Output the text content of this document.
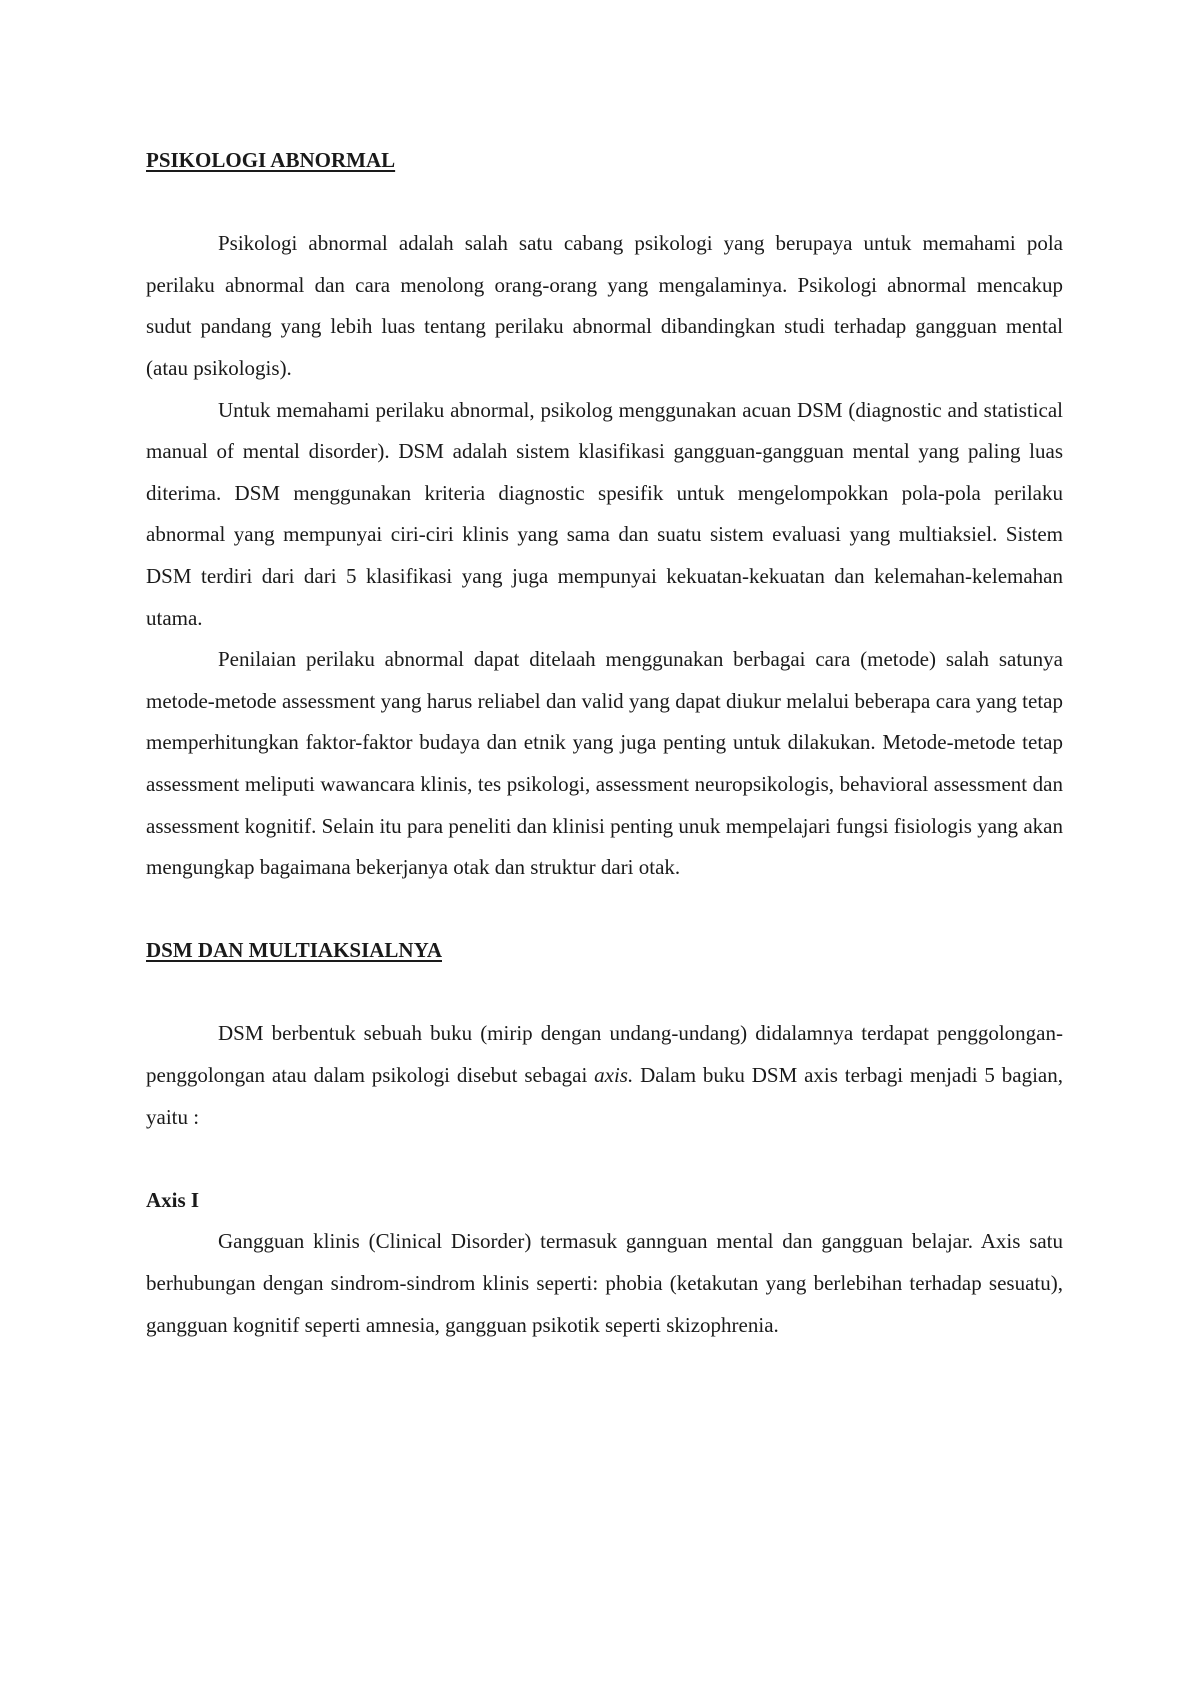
PSIKOLOGI ABNORMAL

Psikologi abnormal adalah salah satu cabang psikologi yang berupaya untuk memahami pola perilaku abnormal dan cara menolong orang-orang yang mengalaminya. Psikologi abnormal mencakup sudut pandang yang lebih luas tentang perilaku abnormal dibandingkan studi terhadap gangguan mental (atau psikologis).

Untuk memahami perilaku abnormal, psikolog menggunakan acuan DSM (diagnostic and statistical manual of mental disorder). DSM adalah sistem klasifikasi gangguan-gangguan mental yang paling luas diterima. DSM menggunakan kriteria diagnostic spesifik untuk mengelompokkan pola-pola perilaku abnormal yang mempunyai ciri-ciri klinis yang sama dan suatu sistem evaluasi yang multiaksiel. Sistem DSM terdiri dari dari 5 klasifikasi yang juga mempunyai kekuatan-kekuatan dan kelemahan-kelemahan utama.

Penilaian perilaku abnormal dapat ditelaah menggunakan berbagai cara (metode) salah satunya metode-metode assessment yang harus reliabel dan valid yang dapat diukur melalui beberapa cara yang tetap memperhitungkan faktor-faktor budaya dan etnik yang juga penting untuk dilakukan. Metode-metode tetap assessment meliputi wawancara klinis, tes psikologi, assessment neuropsikologis, behavioral assessment dan assessment kognitif. Selain itu para peneliti dan klinisi penting unuk mempelajari fungsi fisiologis yang akan mengungkap bagaimana bekerjanya otak dan struktur dari otak.

DSM DAN MULTIAKSIALNYA

DSM berbentuk sebuah buku (mirip dengan undang-undang) didalamnya terdapat penggolongan-penggolongan atau dalam psikologi disebut sebagai axis. Dalam buku DSM axis terbagi menjadi 5 bagian, yaitu :

Axis I

Gangguan klinis (Clinical Disorder) termasuk gannguan mental dan gangguan belajar. Axis satu berhubungan dengan sindrom-sindrom klinis seperti: phobia (ketakutan yang berlebihan terhadap sesuatu), gangguan kognitif seperti amnesia, gangguan psikotik seperti skizophrenia.
